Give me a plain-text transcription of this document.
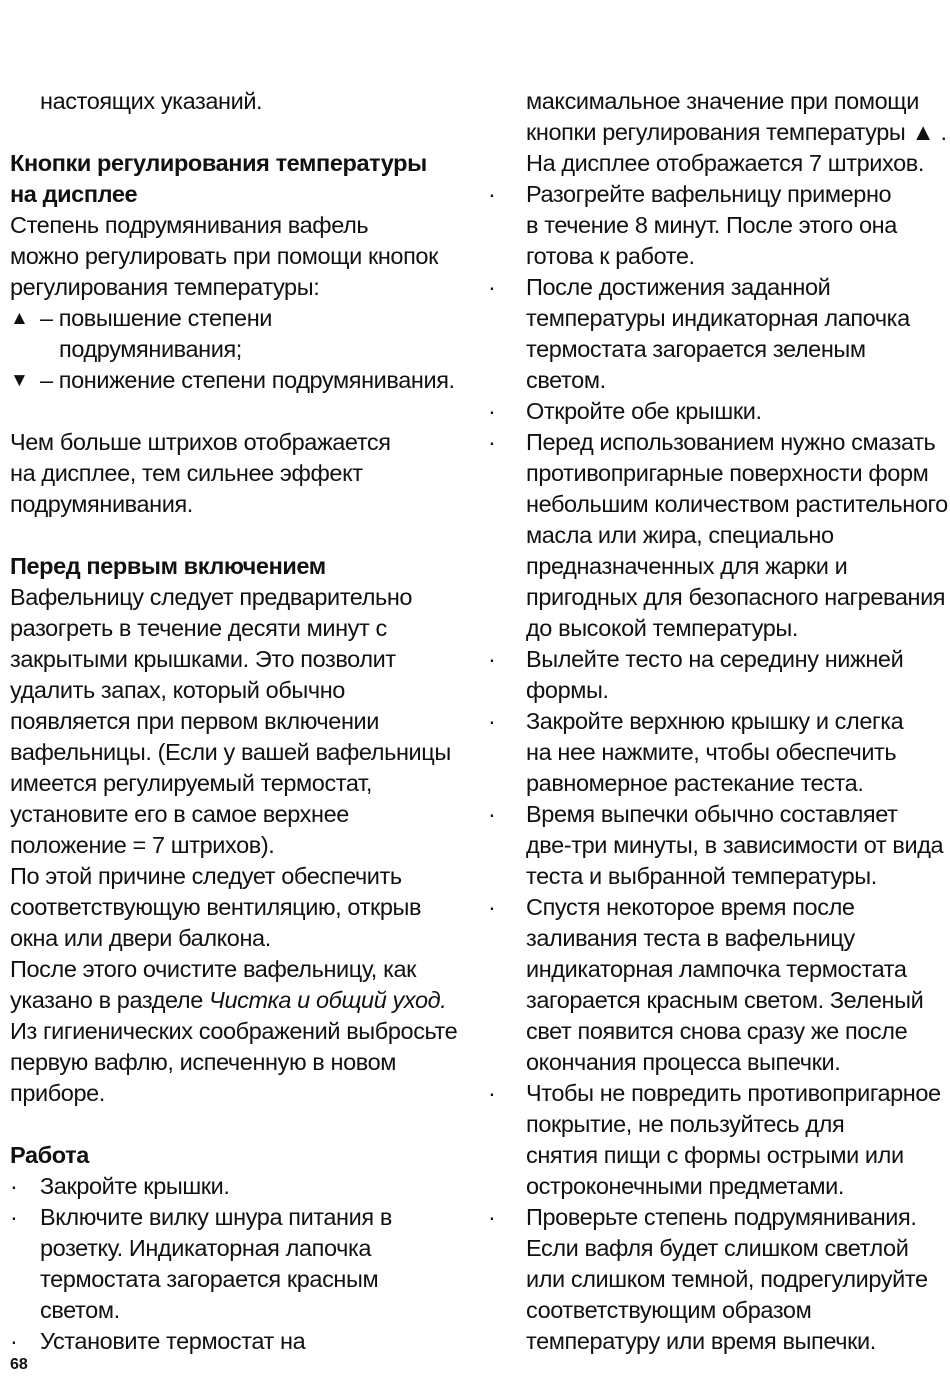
настоящих указаний.
Кнопки регулирования температуры
на дисплее
Степень подрумянивания вафель
можно регулировать при помощи кнопок
регулирования температуры:
▲ – повышение степени
подрумянивания;
▼ – понижение степени подрумянивания.
Чем больше штрихов отображается
на дисплее, тем сильнее эффект
подрумянивания.
Перед первым включением
Вафельницу следует предварительно
разогреть в течение десяти минут с
закрытыми крышками. Это позволит
удалить запах, который обычно
появляется при первом включении
вафельницы. (Если у вашей вафельницы
имеется регулируемый термостат,
установите его в самое верхнее
положение = 7 штрихов).
По этой причине следует обеспечить
соответствующую вентиляцию, открыв
окна или двери балкона.
После этого очистите вафельницу, как
указано в разделе Чистка и общий уход.
Из гигиенических соображений выбросьте
первую вафлю, испеченную в новом
приборе.
Работа
· Закройте крышки.
· Включите вилку шнура питания в
розетку. Индикаторная лапочка
термостата загорается красным
светом.
· Установите термостат на
максимальное значение при помощи
кнопки регулирования температуры ▲ .
На дисплее отображается 7 штрихов.
·	Разогрейте вафельницу примерно
в течение 8 минут. После этого она
готова к работе.
·	После достижения заданной
температуры индикаторная лапочка
термостата загорается зеленым
светом.
·	Откройте обе крышки.
·	Перед использованием нужно смазать
противопригарные поверхности форм
небольшим количеством растительного
масла или жира, специально
предназначенных для жарки и
пригодных для безопасного нагревания
до высокой температуры.
·	Вылейте тесто на середину нижней
формы.
·	Закройте верхнюю крышку и слегка
на нее нажмите, чтобы обеспечить
равномерное растекание теста.
·	Время выпечки обычно составляет
две-три минуты, в зависимости от вида
теста и выбранной температуры.
·	Спустя некоторое время после
заливания теста в вафельницу
индикаторная лампочка термостата
загорается красным светом. Зеленый
свет появится снова сразу же после
окончания процесса выпечки.
·	Чтобы не повредить противопригарное
покрытие, не пользуйтесь для
снятия пищи с формы острыми или
остроконечными предметами.
·	Проверьте степень подрумянивания.
Если вафля будет слишком светлой
или слишком темной, подрегулируйте
соответствующим образом
температуру или время выпечки.
68
